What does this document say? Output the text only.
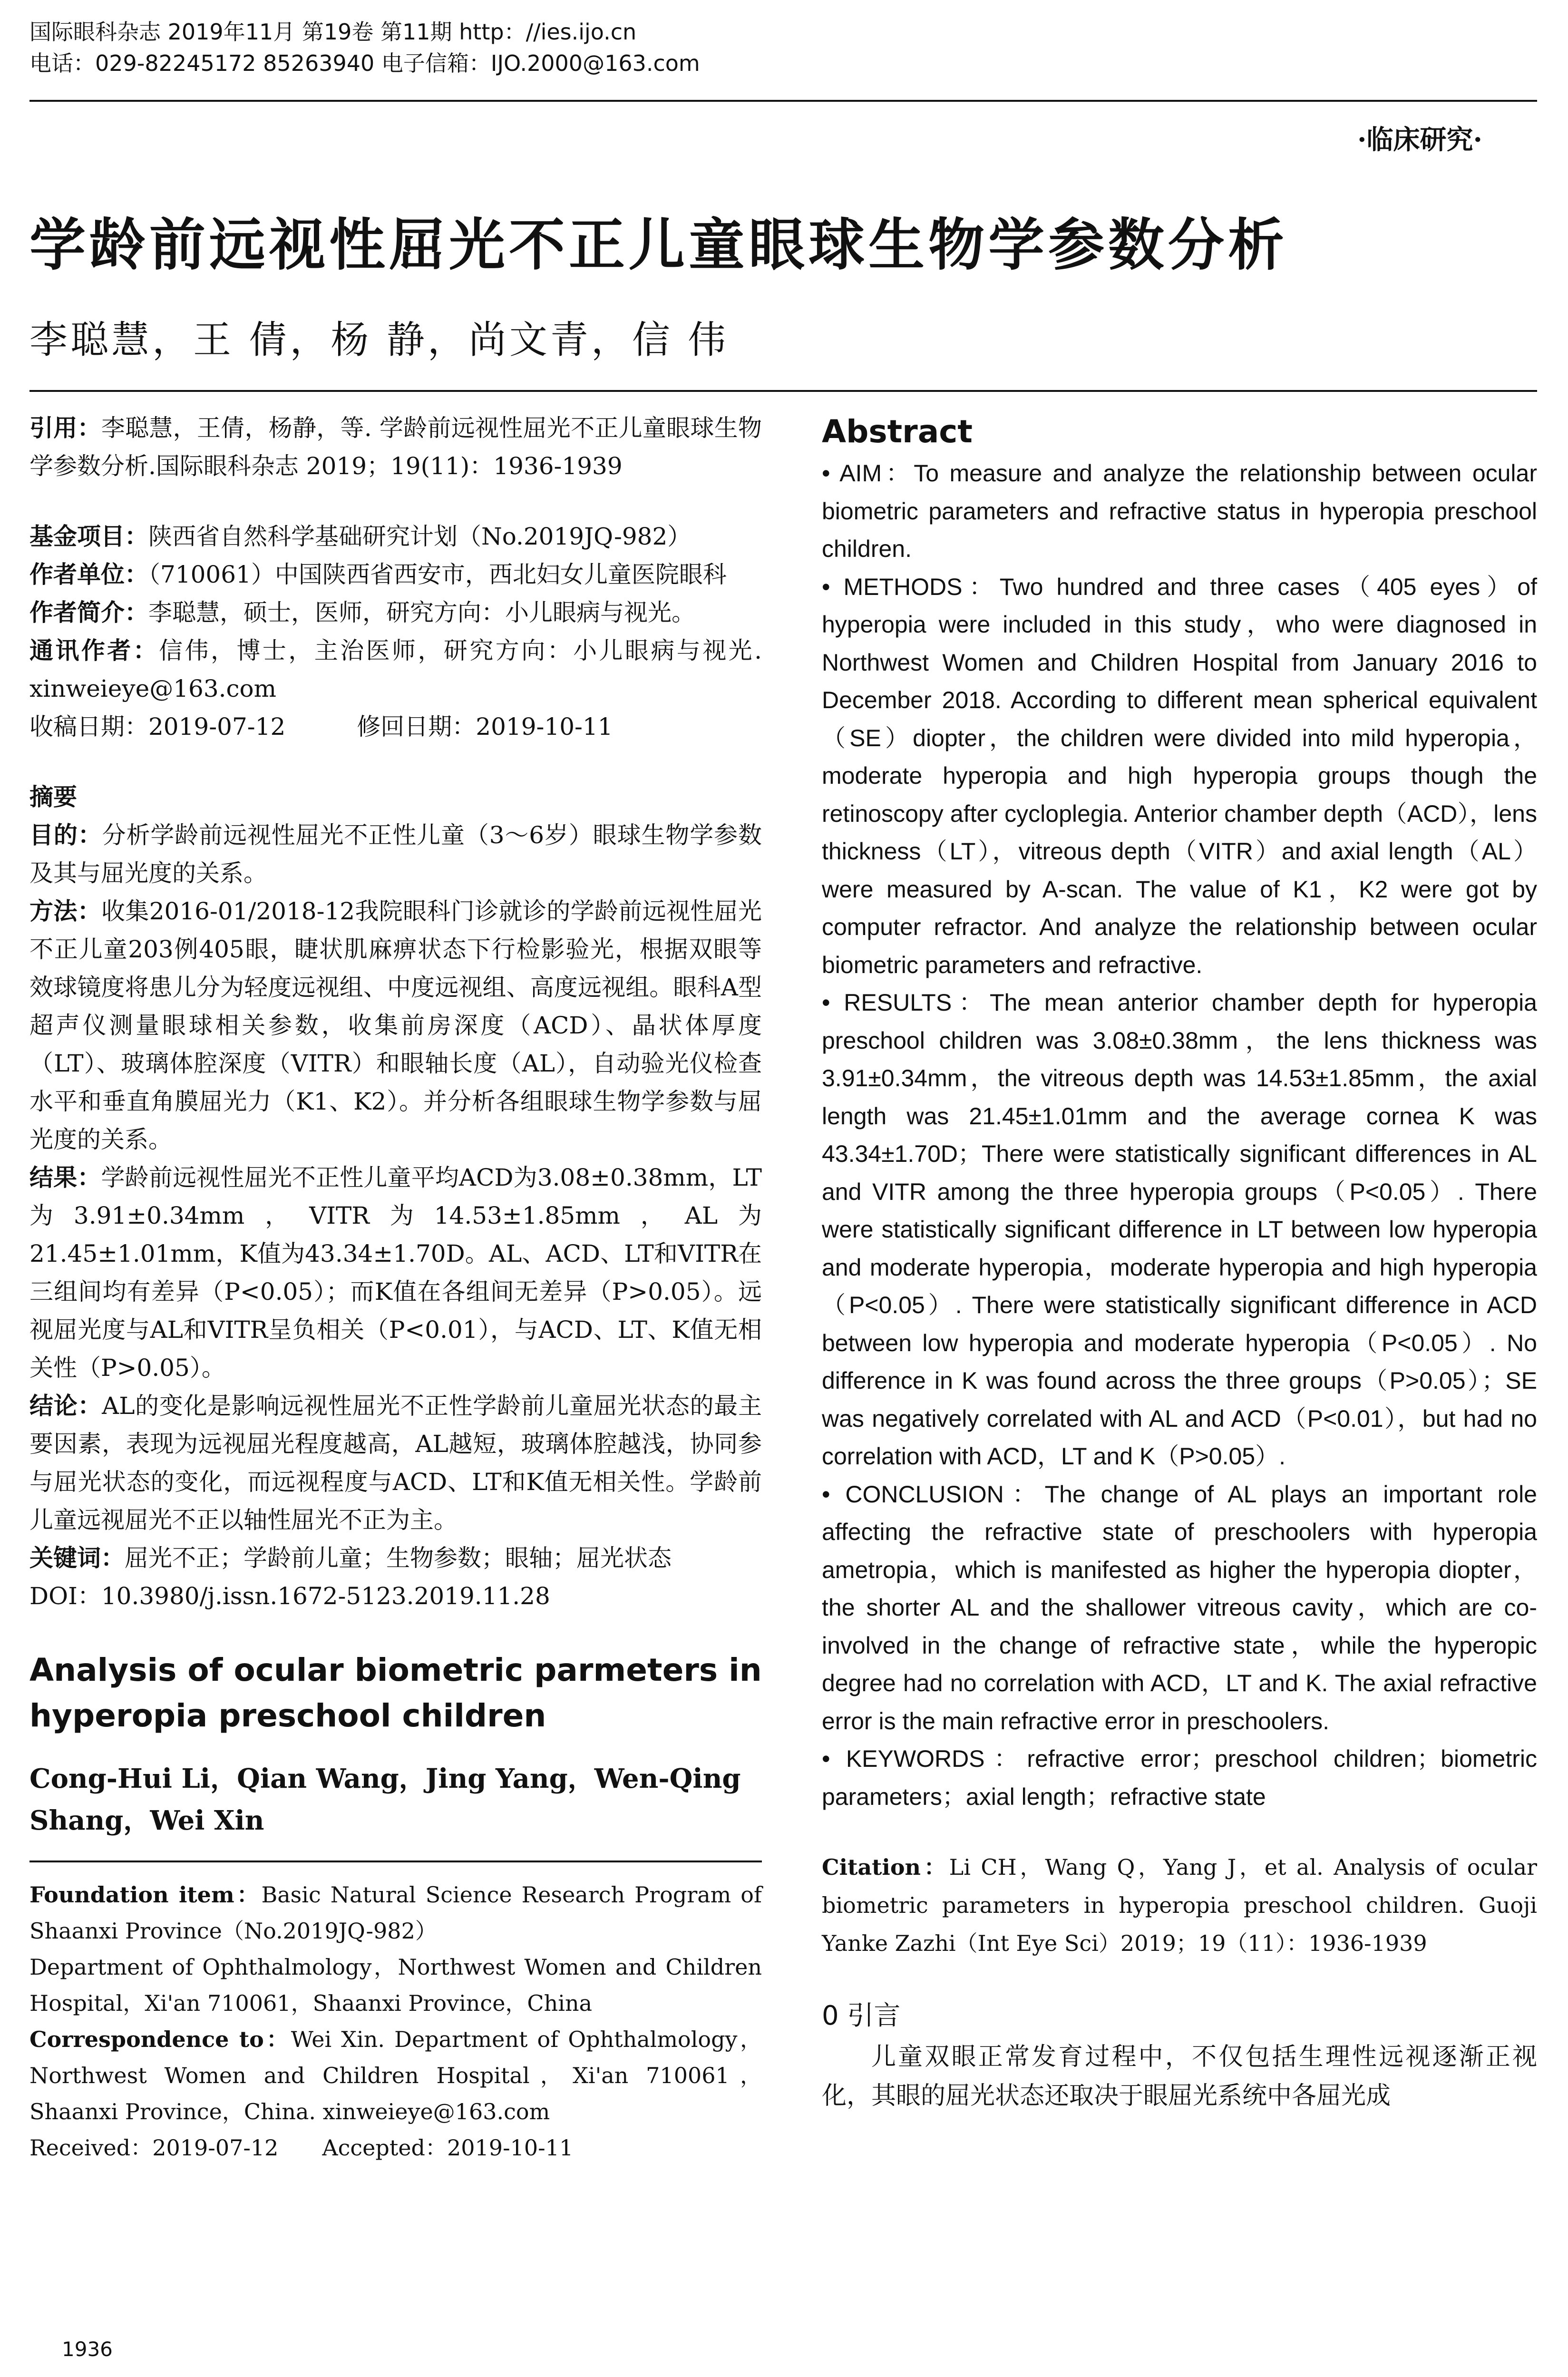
国际眼科杂志 2019年11月 第19卷 第11期 http：//ies.ijo.cn
电话：029-82245172 85263940 电子信箱：IJO.2000@163.com
·临床研究·
学龄前远视性屈光不正儿童眼球生物学参数分析
李聪慧，王 倩，杨 静，尚文青，信 伟

引用：李聪慧，王倩，杨静，等. 学龄前远视性屈光不正儿童眼球生物学参数分析.国际眼科杂志 2019；19(11)：1936-1939

基金项目：陕西省自然科学基础研究计划（No.2019JQ-982）

作者单位：（710061）中国陕西省西安市，西北妇女儿童医院眼科

作者简介：李聪慧，硕士，医师，研究方向：小儿眼病与视光。

通讯作者：信伟，博士，主治医师，研究方向：小儿眼病与视光. xinweieye@163.com

收稿日期：2019-07-12　　　修回日期：2019-10-11

摘要

目的：分析学龄前远视性屈光不正性儿童（3～6岁）眼球生物学参数及其与屈光度的关系。

方法：收集2016-01/2018-12我院眼科门诊就诊的学龄前远视性屈光不正儿童203例405眼，睫状肌麻痹状态下行检影验光，根据双眼等效球镜度将患儿分为轻度远视组、中度远视组、高度远视组。眼科A型超声仪测量眼球相关参数，收集前房深度（ACD）、晶状体厚度（LT）、玻璃体腔深度（VITR）和眼轴长度（AL），自动验光仪检查水平和垂直角膜屈光力（K1、K2）。并分析各组眼球生物学参数与屈光度的关系。

结果：学龄前远视性屈光不正性儿童平均ACD为3.08±0.38mm，LT为3.91±0.34mm，VITR为14.53±1.85mm，AL为21.45±1.01mm，K值为43.34±1.70D。AL、ACD、LT和VITR在三组间均有差异（P<0.05）；而K值在各组间无差异（P>0.05）。远视屈光度与AL和VITR呈负相关（P<0.01），与ACD、LT、K值无相关性（P>0.05）。

结论：AL的变化是影响远视性屈光不正性学龄前儿童屈光状态的最主要因素，表现为远视屈光程度越高，AL越短，玻璃体腔越浅，协同参与屈光状态的变化，而远视程度与ACD、LT和K值无相关性。学龄前儿童远视屈光不正以轴性屈光不正为主。

关键词：屈光不正；学龄前儿童；生物参数；眼轴；屈光状态

DOI：10.3980/j.issn.1672-5123.2019.11.28

Analysis of ocular biometric parmeters in hyperopia preschool children

Cong-Hui Li，Qian Wang，Jing Yang，Wen-Qing Shang，Wei Xin

Foundation item：Basic Natural Science Research Program of Shaanxi Province（No.2019JQ-982）

Department of Ophthalmology，Northwest Women and Children Hospital，Xi'an 710061，Shaanxi Province，China

Correspondence to：Wei Xin. Department of Ophthalmology，Northwest Women and Children Hospital，Xi'an 710061，Shaanxi Province，China. xinweieye@163.com

Received：2019-07-12　　Accepted：2019-10-11

Abstract

• AIM：To measure and analyze the relationship between ocular biometric parameters and refractive status in hyperopia preschool children.

• METHODS：Two hundred and three cases（405 eyes）of hyperopia were included in this study，who were diagnosed in Northwest Women and Children Hospital from January 2016 to December 2018. According to different mean spherical equivalent（SE）diopter，the children were divided into mild hyperopia，moderate hyperopia and high hyperopia groups though the retinoscopy after cycloplegia. Anterior chamber depth（ACD），lens thickness（LT），vitreous depth（VITR）and axial length（AL）were measured by A-scan. The value of K1，K2 were got by computer refractor. And analyze the relationship between ocular biometric parameters and refractive.

• RESULTS：The mean anterior chamber depth for hyperopia preschool children was 3.08±0.38mm，the lens thickness was 3.91±0.34mm，the vitreous depth was 14.53±1.85mm，the axial length was 21.45±1.01mm and the average cornea K was 43.34±1.70D；There were statistically significant differences in AL and VITR among the three hyperopia groups（P<0.05）. There were statistically significant difference in LT between low hyperopia and moderate hyperopia，moderate hyperopia and high hyperopia（P<0.05）. There were statistically significant difference in ACD between low hyperopia and moderate hyperopia（P<0.05）. No difference in K was found across the three groups（P>0.05）；SE was negatively correlated with AL and ACD（P<0.01），but had no correlation with ACD，LT and K（P>0.05）.

• CONCLUSION：The change of AL plays an important role affecting the refractive state of preschoolers with hyperopia ametropia，which is manifested as higher the hyperopia diopter，the shorter AL and the shallower vitreous cavity，which are co-involved in the change of refractive state，while the hyperopic degree had no correlation with ACD，LT and K. The axial refractive error is the main refractive error in preschoolers.

• KEYWORDS：refractive error；preschool children；biometric parameters；axial length；refractive state

Citation：Li CH，Wang Q，Yang J，et al. Analysis of ocular biometric parameters in hyperopia preschool children. Guoji Yanke Zazhi（Int Eye Sci）2019；19（11）：1936-1939

0 引言

儿童双眼正常发育过程中，不仅包括生理性远视逐渐正视化，其眼的屈光状态还取决于眼屈光系统中各屈光成

1936
